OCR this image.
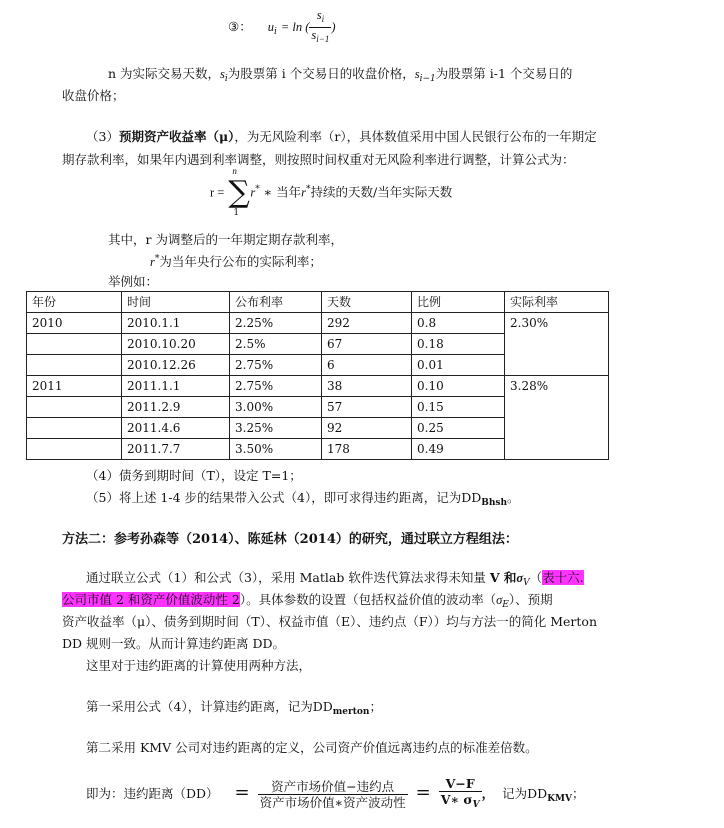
③： $u_i = \ln$ ( $\frac{s_i}{s_{i-1}}$ )
n 为实际交易天数，$s_i$为股票第 i 个交易日的收盘价格，$s_{i-1}$为股票第 i-1 个交易日的
收盘价格；
（3）预期资产收益率（μ），为无风险利率（r），具体数值采用中国人民银行公布的一年期定
期存款利率，如果年内遇到利率调整，则按照时间权重对无风险利率进行调整，计算公式为：
r =
n
∑
1
r* ∗ 当年r*持续的天数/当年实际天数
其中，r 为调整后的一年期定期存款利率，
r*为当年央行公布的实际利率；
举例如：
年份	时间	公布利率	天数	比例	实际利率
2010	2010.1.1	2.25%	292	0.8	2.30%
	2010.10.20	2.5%	67	0.18	
	2010.12.26	2.75%	6	0.01	
2011	2011.1.1	2.75%	38	0.10	3.28%
	2011.2.9	3.00%	57	0.15	
	2011.4.6	3.25%	92	0.25	
	2011.7.7	3.50%	178	0.49	
（4）债务到期时间（T），设定 T=1；
（5）将上述 1-4 步的结果带入公式（4），即可求得违约距离，记为$DD_{Bhsh}$。
方法二：参考孙森等（2014）、陈延林（2014）的研究，通过联立方程组法：
通过联立公式（1）和公式（3），采用 Matlab 软件迭代算法求得未知量 V 和$\sigma_V$（表十六.
公司市值 2 和资产价值波动性 2）。具体参数的设置（包括权益价值的波动率$(\sigma_E)$、预期
资产收益率（μ）、债务到期时间（T）、权益市值（E）、违约点（F））均与方法一的简化 Merton
DD 规则一致。从而计算违约距离 DD。
这里对于违约距离的计算使用两种方法，
第一采用公式（4），计算违约距离，记为$DD_{merton}$；
第二采用 KMV 公司对违约距离的定义，公司资产价值远离违约点的标准差倍数。
即为：违约距离$(DD) = \frac{\text{资产市场价值−违约点}}{\text{资产市场价值∗资产波动性}} = \frac{V-F}{V∗ \sigma_V}$ ， 记为$DD_{KMV}$；
